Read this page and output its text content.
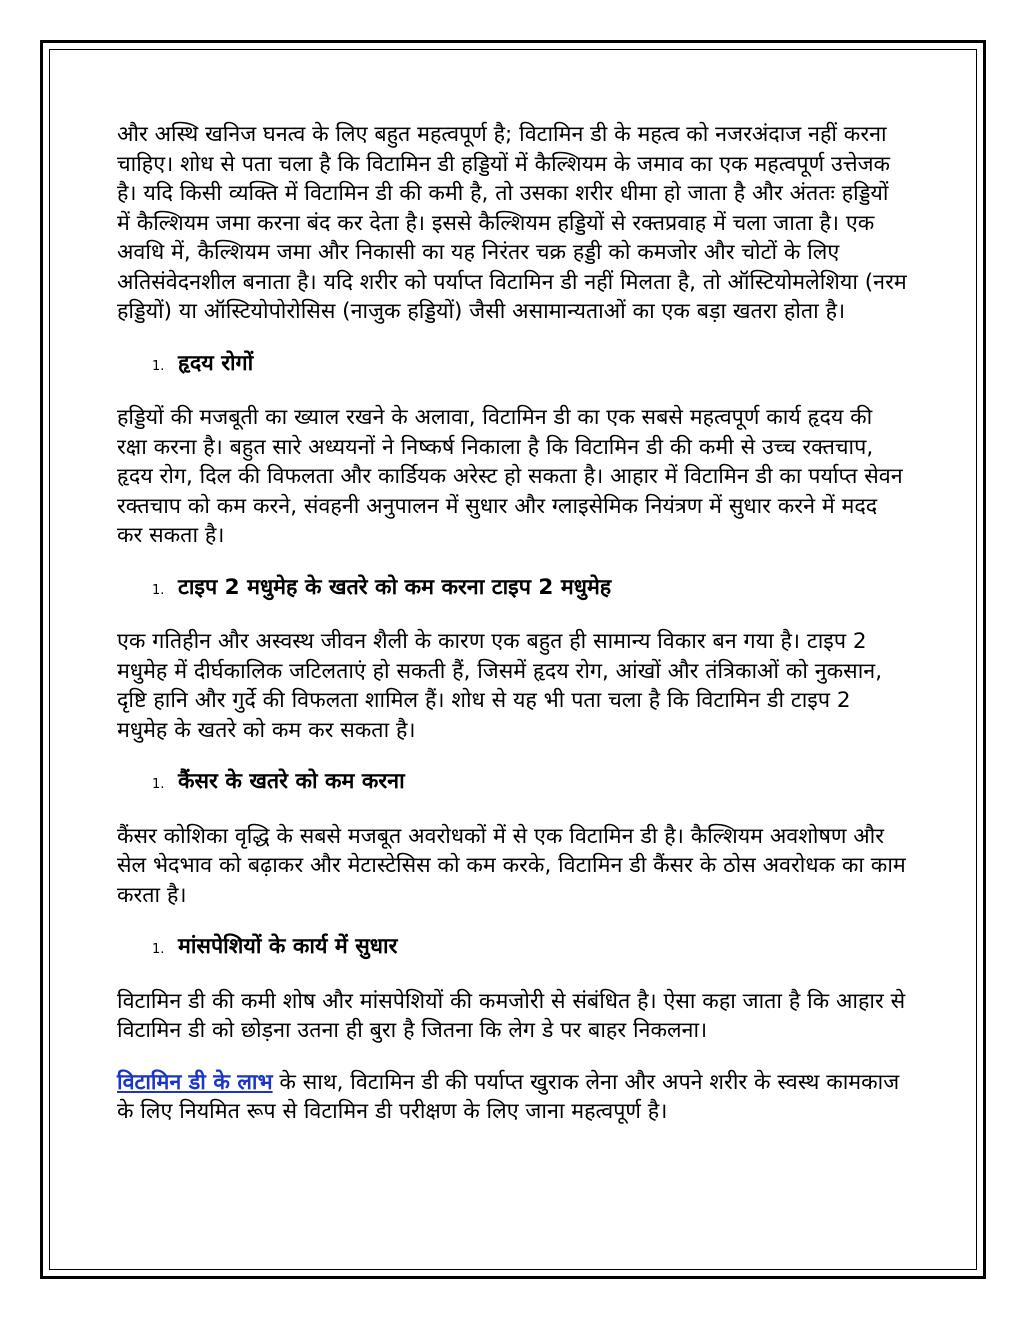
और अस्थि खनिज घनत्व के लिए बहुत महत्वपूर्ण है; विटामिन डी के महत्व को नजरअंदाज नहीं करना चाहिए। शोध से पता चला है कि विटामिन डी हड्डियों में कैल्शियम के जमाव का एक महत्वपूर्ण उत्तेजक है। यदि किसी व्यक्ति में विटामिन डी की कमी है, तो उसका शरीर धीमा हो जाता है और अंततः हड्डियों में कैल्शियम जमा करना बंद कर देता है। इससे कैल्शियम हड्डियों से रक्तप्रवाह में चला जाता है। एक अवधि में, कैल्शियम जमा और निकासी का यह निरंतर चक्र हड्डी को कमजोर और चोटों के लिए अतिसंवेदनशील बनाता है। यदि शरीर को पर्याप्त विटामिन डी नहीं मिलता है, तो ऑस्टियोमलेशिया (नरम हड्डियों) या ऑस्टियोपोरोसिस (नाजुक हड्डियों) जैसी असामान्यताओं का एक बड़ा खतरा होता है।

1. हृदय रोगों

हड्डियों की मजबूती का ख्याल रखने के अलावा, विटामिन डी का एक सबसे महत्वपूर्ण कार्य हृदय की रक्षा करना है। बहुत सारे अध्ययनों ने निष्कर्ष निकाला है कि विटामिन डी की कमी से उच्च रक्तचाप, हृदय रोग, दिल की विफलता और कार्डियक अरेस्ट हो सकता है। आहार में विटामिन डी का पर्याप्त सेवन रक्तचाप को कम करने, संवहनी अनुपालन में सुधार और ग्लाइसेमिक नियंत्रण में सुधार करने में मदद कर सकता है।

1. टाइप 2 मधुमेह के खतरे को कम करना टाइप 2 मधुमेह

एक गतिहीन और अस्वस्थ जीवन शैली के कारण एक बहुत ही सामान्य विकार बन गया है। टाइप 2 मधुमेह में दीर्घकालिक जटिलताएं हो सकती हैं, जिसमें हृदय रोग, आंखों और तंत्रिकाओं को नुकसान, दृष्टि हानि और गुर्दे की विफलता शामिल हैं। शोध से यह भी पता चला है कि विटामिन डी टाइप 2 मधुमेह के खतरे को कम कर सकता है।

1. कैंसर के खतरे को कम करना

कैंसर कोशिका वृद्धि के सबसे मजबूत अवरोधकों में से एक विटामिन डी है। कैल्शियम अवशोषण और सेल भेदभाव को बढ़ाकर और मेटास्टेसिस को कम करके, विटामिन डी कैंसर के ठोस अवरोधक का काम करता है।

1. मांसपेशियों के कार्य में सुधार

विटामिन डी की कमी शोष और मांसपेशियों की कमजोरी से संबंधित है। ऐसा कहा जाता है कि आहार से विटामिन डी को छोड़ना उतना ही बुरा है जितना कि लेग डे पर बाहर निकलना।

विटामिन डी के लाभ के साथ, विटामिन डी की पर्याप्त खुराक लेना और अपने शरीर के स्वस्थ कामकाज के लिए नियमित रूप से विटामिन डी परीक्षण के लिए जाना महत्वपूर्ण है।
